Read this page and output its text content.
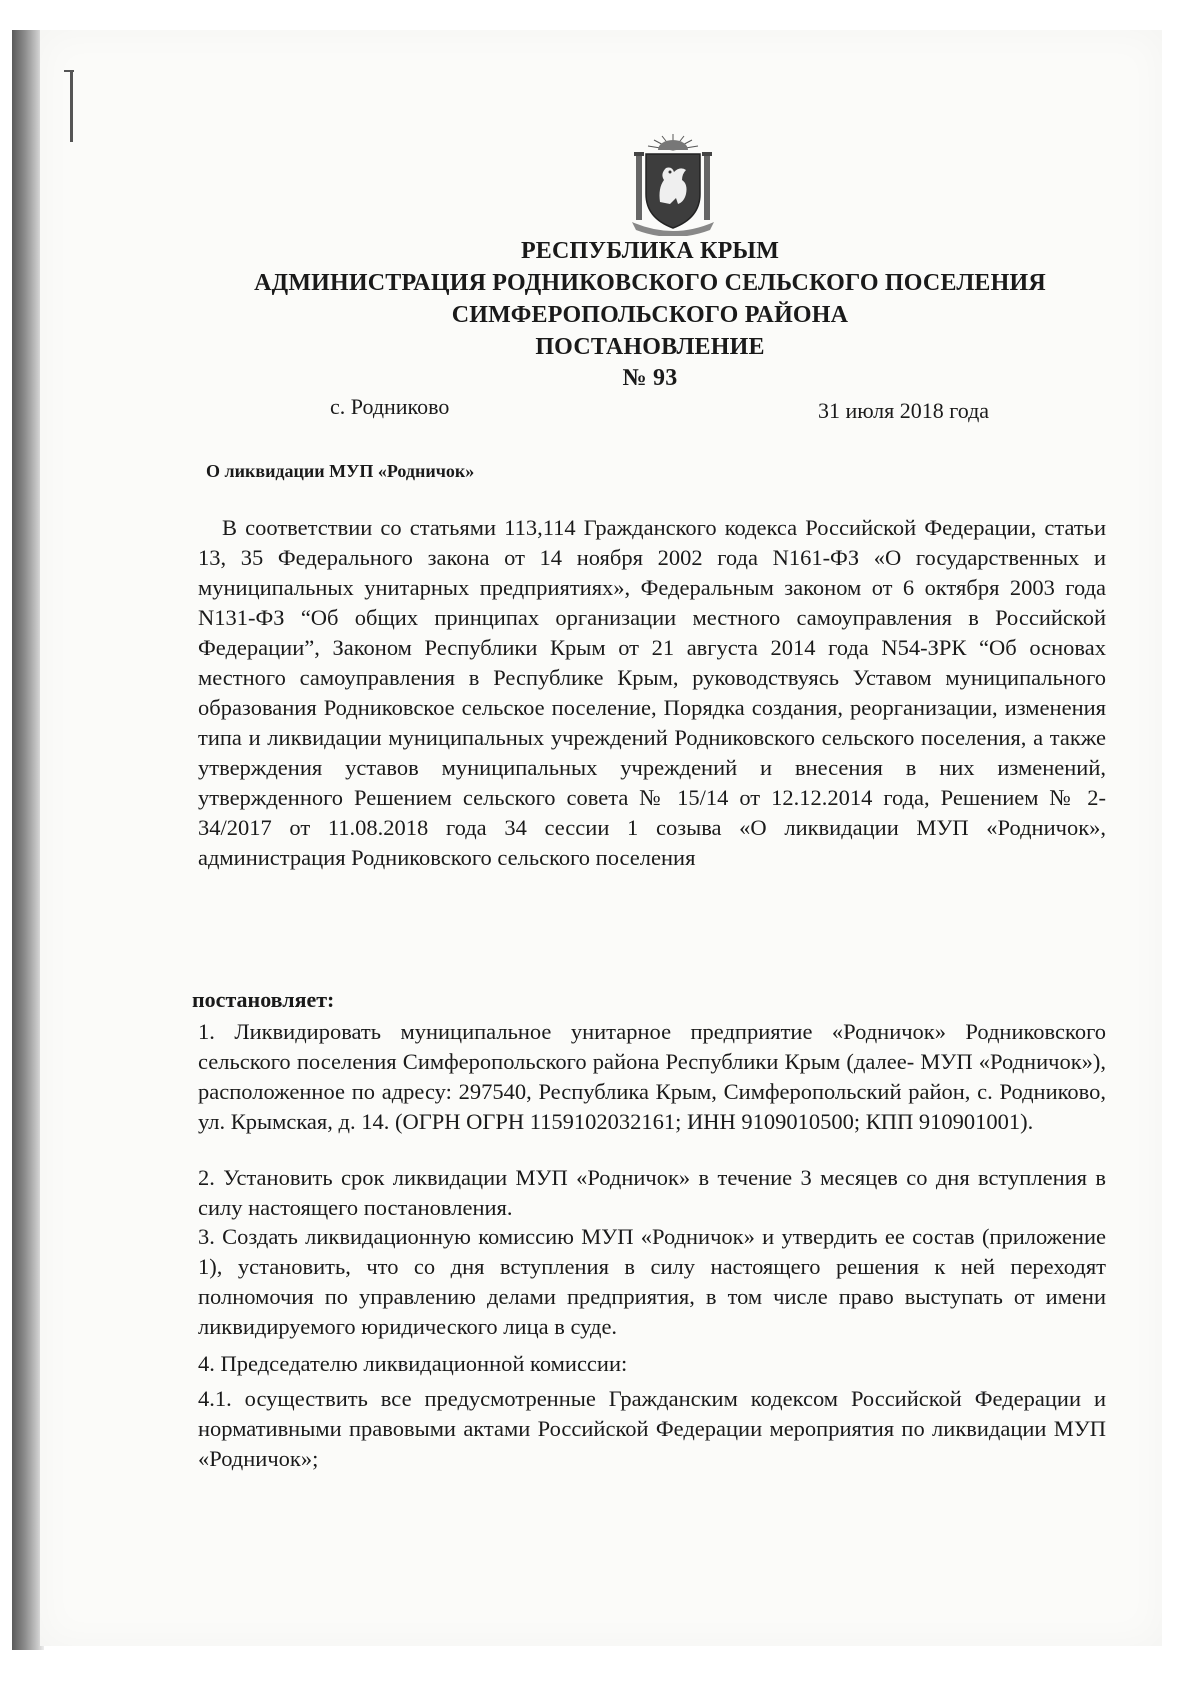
РЕСПУБЛИКА КРЫМ
АДМИНИСТРАЦИЯ РОДНИКОВСКОГО СЕЛЬСКОГО ПОСЕЛЕНИЯ
СИМФЕРОПОЛЬСКОГО РАЙОНА
ПОСТАНОВЛЕНИЕ
№ 93
с. Родниково	31 июля 2018 года
О ликвидации МУП «Родничок»
В соответствии со статьями 113,114 Гражданского кодекса Российской Федерации, статьи 13, 35 Федерального закона от 14 ноября 2002 года N161-ФЗ «О государственных и муниципальных унитарных предприятиях», Федеральным законом от 6 октября 2003 года N131-ФЗ “Об общих принципах организации местного самоуправления в Российской Федерации”, Законом Республики Крым от 21 августа 2014 года N54-ЗРК “Об основах местного самоуправления в Республике Крым, руководствуясь Уставом муниципального образования Родниковское сельское поселение, Порядка создания, реорганизации, изменения типа и ликвидации муниципальных учреждений Родниковского сельского поселения, а также утверждения уставов муниципальных учреждений и внесения в них изменений, утвержденного Решением сельского совета № 15/14 от 12.12.2014 года, Решением № 2-34/2017 от 11.08.2018 года 34 сессии 1 созыва «О ликвидации МУП «Родничок», администрация Родниковского сельского поселения
постановляет:
1. Ликвидировать муниципальное унитарное предприятие «Родничок» Родниковского сельского поселения Симферопольского района Республики Крым (далее- МУП «Родничок»), расположенное по адресу: 297540, Республика Крым, Симферопольский район, с. Родниково, ул. Крымская, д. 14. (ОГРН ОГРН 1159102032161; ИНН 9109010500; КПП 910901001).
2. Установить срок ликвидации МУП «Родничок» в течение 3 месяцев со дня вступления в силу настоящего постановления.
3. Создать ликвидационную комиссию МУП «Родничок» и утвердить ее состав (приложение 1), установить, что со дня вступления в силу настоящего решения к ней переходят полномочия по управлению делами предприятия, в том числе право выступать от имени ликвидируемого юридического лица в суде.
4. Председателю ликвидационной комиссии:
4.1. осуществить все предусмотренные Гражданским кодексом Российской Федерации и нормативными правовыми актами Российской Федерации мероприятия по ликвидации МУП «Родничок»;
